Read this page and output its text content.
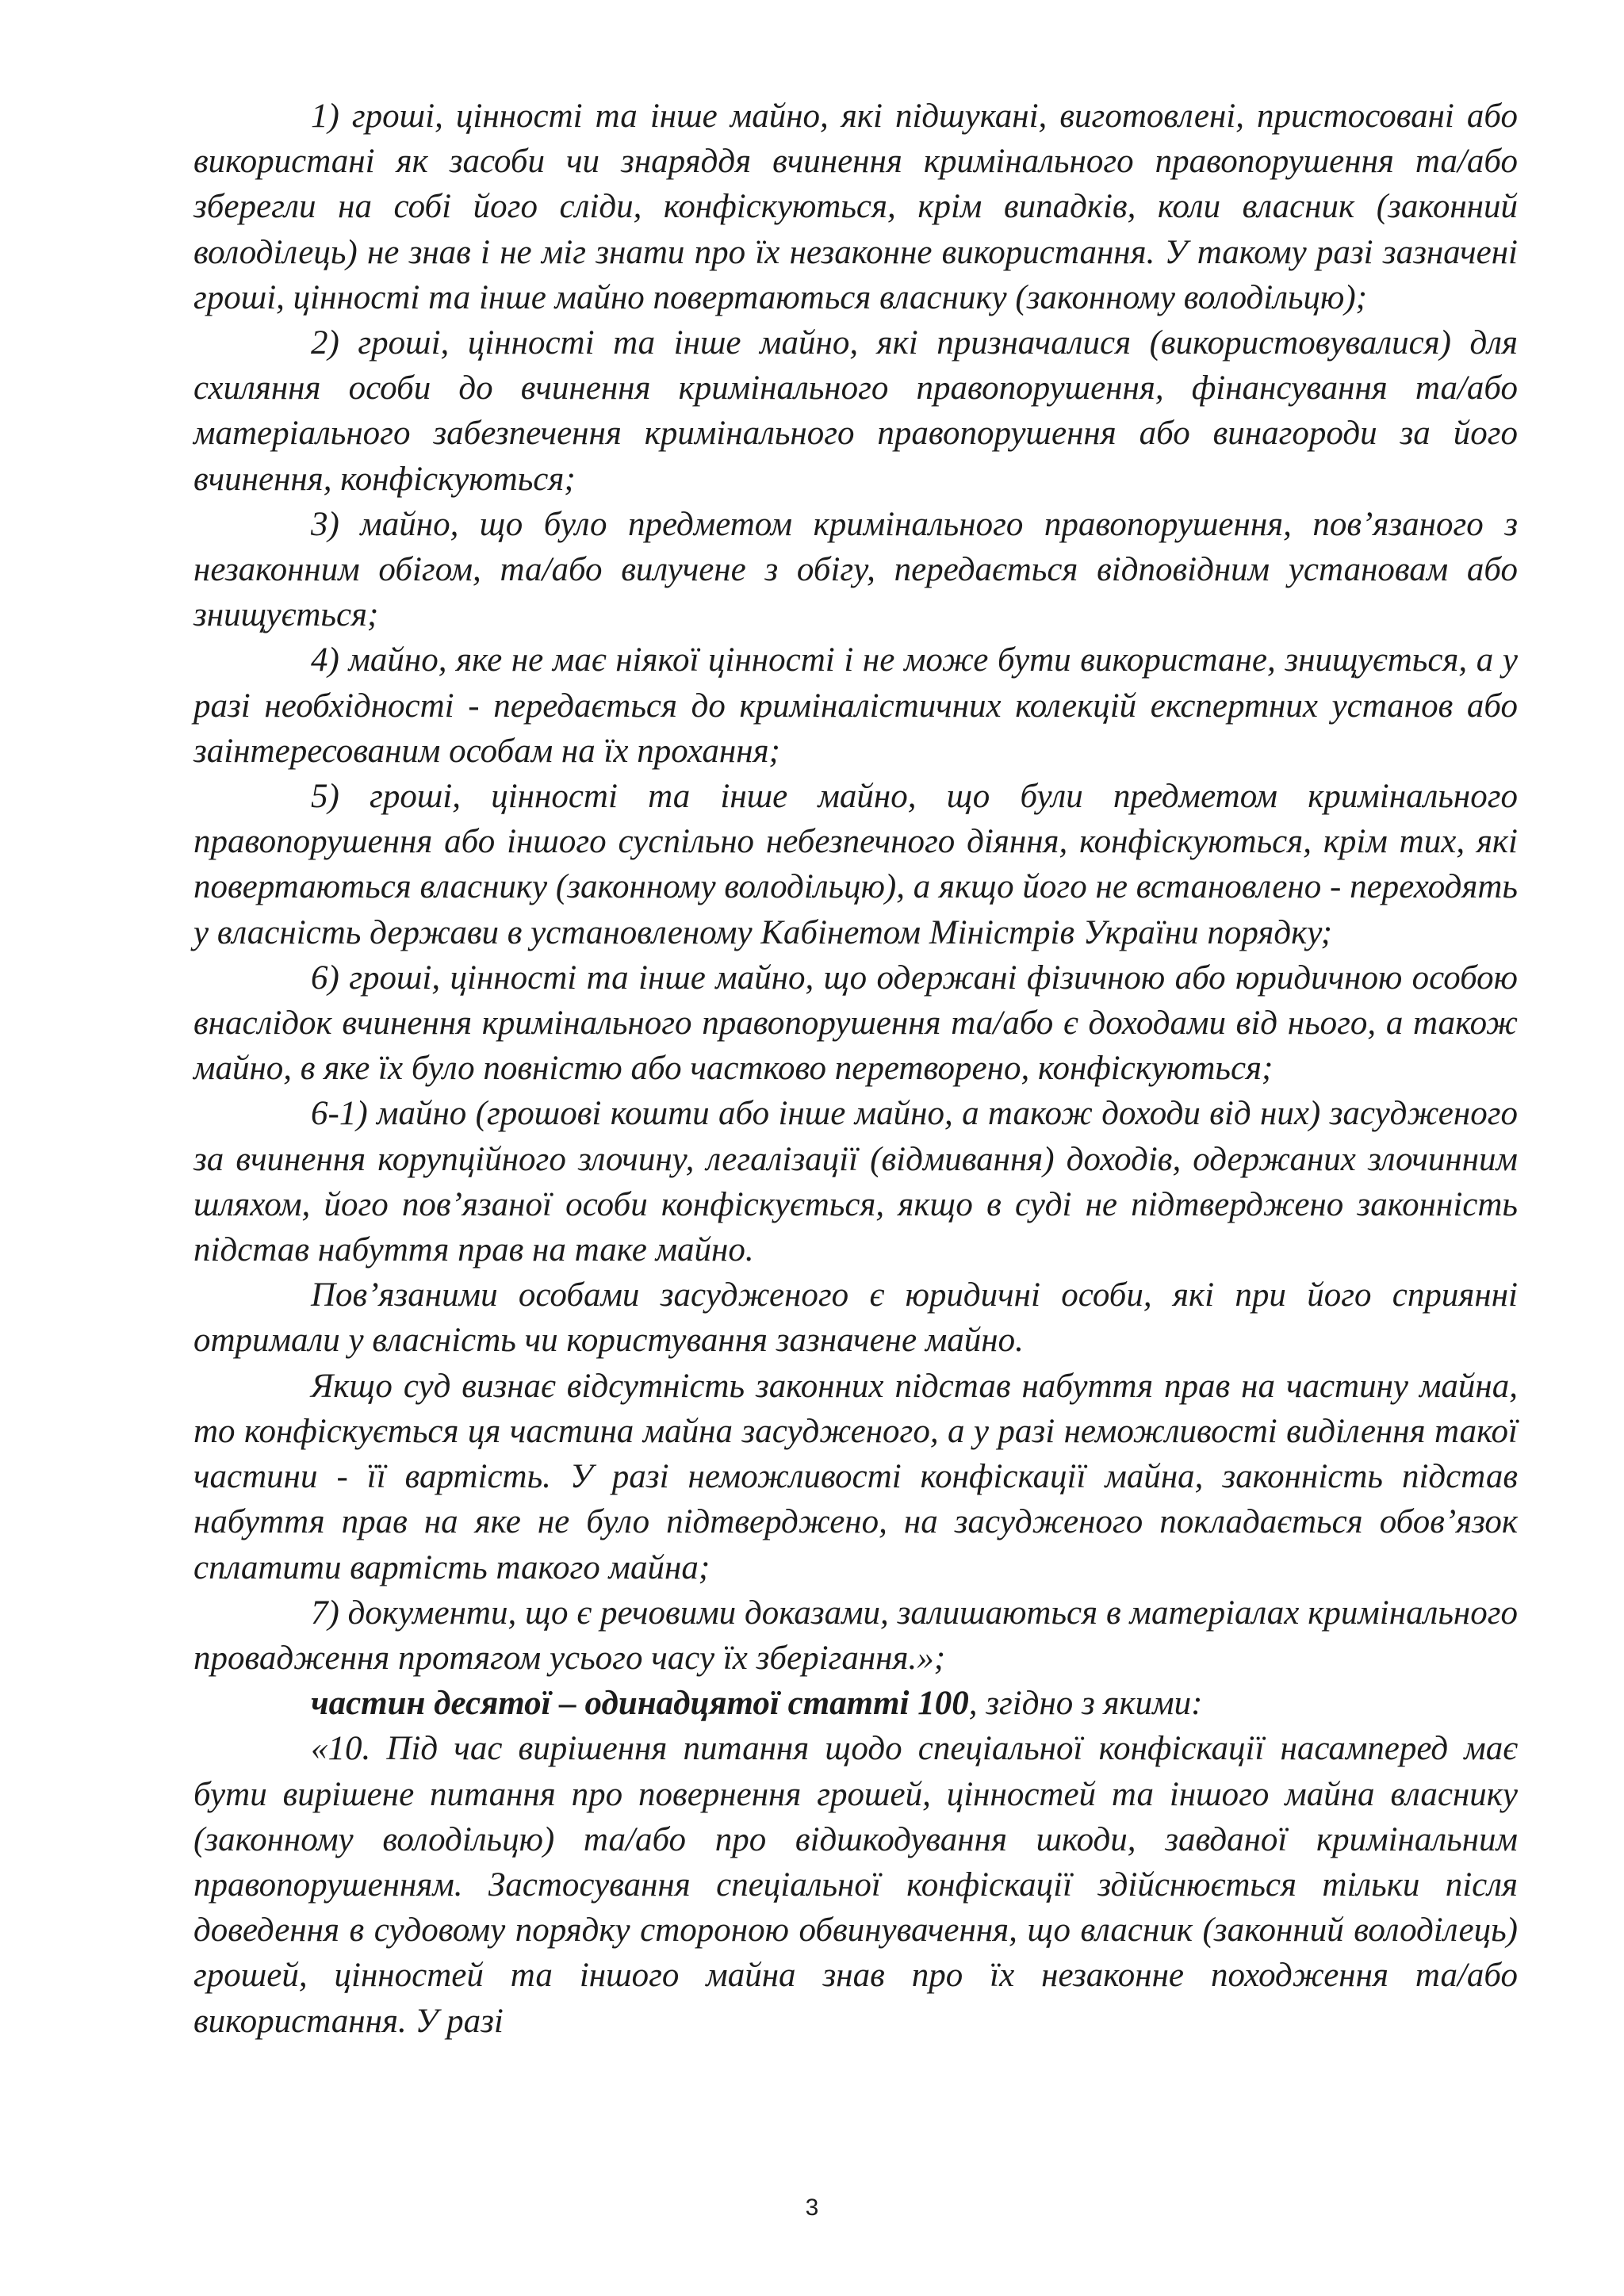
1) гроші, цінності та інше майно, які підшукані, виготовлені, пристосовані або використані як засоби чи знаряддя вчинення кримінального правопорушення та/або зберегли на собі його сліди, конфіскуються, крім випадків, коли власник (законний володілець) не знав і не міг знати про їх незаконне використання. У такому разі зазначені гроші, цінності та інше майно повертаються власнику (законному володільцю);

2) гроші, цінності та інше майно, які призначалися (використовувалися) для схиляння особи до вчинення кримінального правопорушення, фінансування та/або матеріального забезпечення кримінального правопорушення або винагороди за його вчинення, конфіскуються;

3) майно, що було предметом кримінального правопорушення, пов’язаного з незаконним обігом, та/або вилучене з обігу, передається відповідним установам або знищується;

4) майно, яке не має ніякої цінності і не може бути використане, знищується, а у разі необхідності - передається до криміналістичних колекцій експертних установ або заінтересованим особам на їх прохання;

5) гроші, цінності та інше майно, що були предметом кримінального правопорушення або іншого суспільно небезпечного діяння, конфіскуються, крім тих, які повертаються власнику (законному володільцю), а якщо його не встановлено - переходять у власність держави в установленому Кабінетом Міністрів України порядку;

6) гроші, цінності та інше майно, що одержані фізичною або юридичною особою внаслідок вчинення кримінального правопорушення та/або є доходами від нього, а також майно, в яке їх було повністю або частково перетворено, конфіскуються;

6-1) майно (грошові кошти або інше майно, а також доходи від них) засудженого за вчинення корупційного злочину, легалізації (відмивання) доходів, одержаних злочинним шляхом, його пов’язаної особи конфіскується, якщо в суді не підтверджено законність підстав набуття прав на таке майно.

Пов’язаними особами засудженого є юридичні особи, які при його сприянні отримали у власність чи користування зазначене майно.

Якщо суд визнає відсутність законних підстав набуття прав на частину майна, то конфіскується ця частина майна засудженого, а у разі неможливості виділення такої частини - її вартість. У разі неможливості конфіскації майна, законність підстав набуття прав на яке не було підтверджено, на засудженого покладається обов’язок сплатити вартість такого майна;

7) документи, що є речовими доказами, залишаються в матеріалах кримінального провадження протягом усього часу їх зберігання.»;

частин десятої – одинадцятої статті 100, згідно з якими:

«10. Під час вирішення питання щодо спеціальної конфіскації насамперед має бути вирішене питання про повернення грошей, цінностей та іншого майна власнику (законному володільцю) та/або про відшкодування шкоди, завданої кримінальним правопорушенням. Застосування спеціальної конфіскації здійснюється тільки після доведення в судовому порядку стороною обвинувачення, що власник (законний володілець) грошей, цінностей та іншого майна знав про їх незаконне походження та/або використання. У разі

3
